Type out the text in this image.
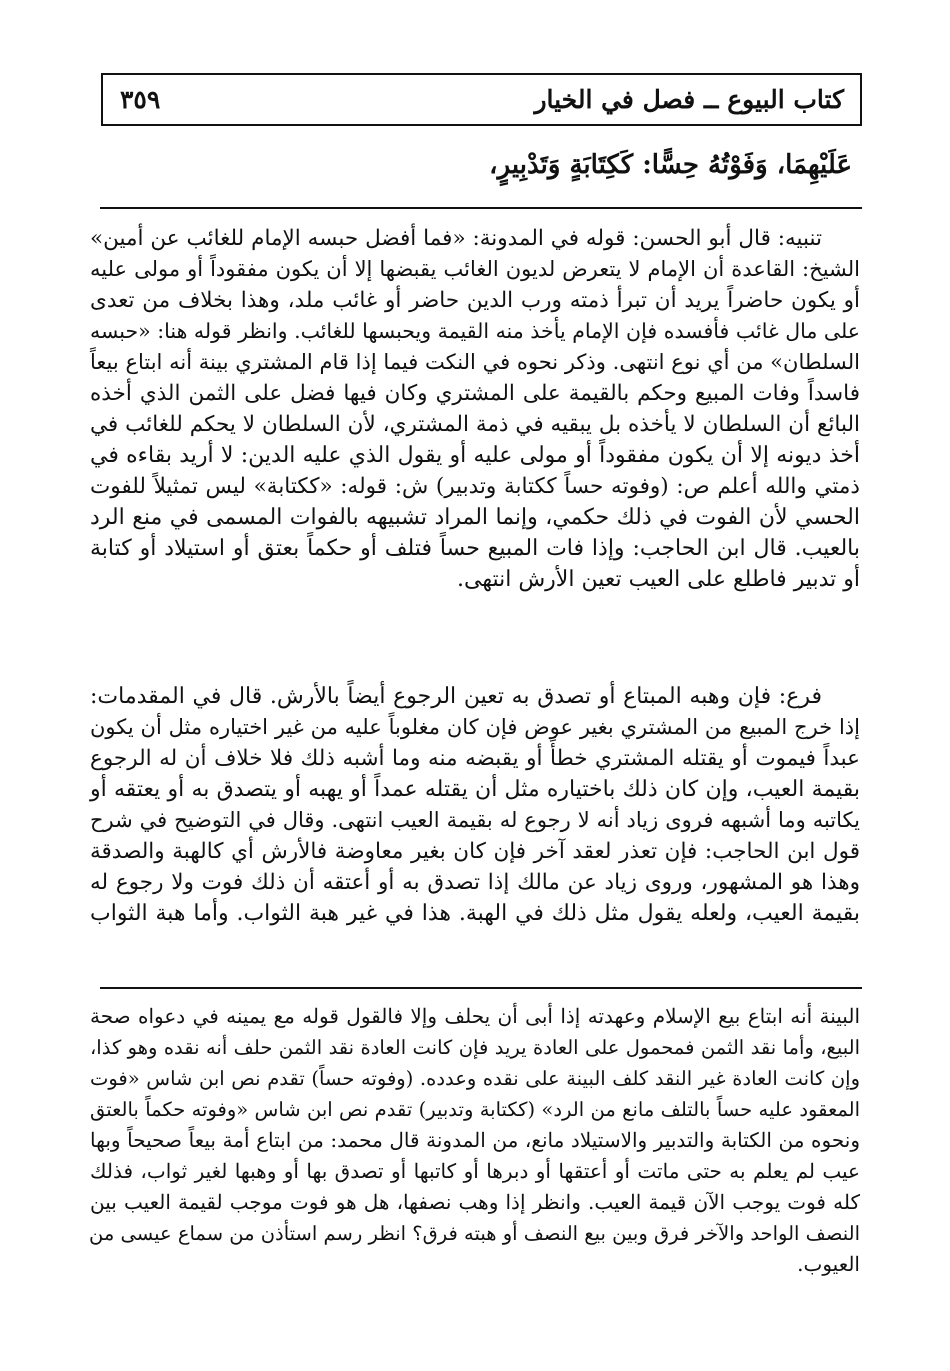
كتاب البيوع ــ فصل في الخيار
٣٥٩
عَلَيْهِمَا، وَفَوْتُهُ حِسًّا: كَكِتَابَةٍ وَتَدْبِيرٍ،
تنبيه: قال أبو الحسن: قوله في المدونة: «فما أفضل حبسه الإمام للغائب عن أمين»
الشيخ: القاعدة أن الإمام لا يتعرض لديون الغائب يقبضها إلا أن يكون مفقوداً أو مولى عليه
أو يكون حاضراً يريد أن تبرأ ذمته ورب الدين حاضر أو غائب ملد، وهذا بخلاف من تعدى
على مال غائب فأفسده فإن الإمام يأخذ منه القيمة ويحبسها للغائب. وانظر قوله هنا: «حبسه
السلطان» من أي نوع انتهى. وذكر نحوه في النكت فيما إذا قام المشتري بينة أنه ابتاع بيعاً
فاسداً وفات المبيع وحكم بالقيمة على المشتري وكان فيها فضل على الثمن الذي أخذه
البائع أن السلطان لا يأخذه بل يبقيه في ذمة المشتري، لأن السلطان لا يحكم للغائب في
أخذ ديونه إلا أن يكون مفقوداً أو مولى عليه أو يقول الذي عليه الدين: لا أريد بقاءه في
ذمتي والله أعلم ص: (وفوته حساً ككتابة وتدبير) ش: قوله: «ككتابة» ليس تمثيلاً للفوت
الحسي لأن الفوت في ذلك حكمي، وإنما المراد تشبيهه بالفوات المسمى في منع الرد
بالعيب. قال ابن الحاجب: وإذا فات المبيع حساً فتلف أو حكماً بعتق أو استيلاد أو كتابة
أو تدبير فاطلع على العيب تعين الأرش انتهى.
فرع: فإن وهبه المبتاع أو تصدق به تعين الرجوع أيضاً بالأرش. قال في المقدمات:
إذا خرج المبيع من المشتري بغير عوض فإن كان مغلوباً عليه من غير اختياره مثل أن يكون
عبداً فيموت أو يقتله المشتري خطأً أو يقبضه منه وما أشبه ذلك فلا خلاف أن له الرجوع
بقيمة العيب، وإن كان ذلك باختياره مثل أن يقتله عمداً أو يهبه أو يتصدق به أو يعتقه أو
يكاتبه وما أشبهه فروى زياد أنه لا رجوع له بقيمة العيب انتهى. وقال في التوضيح في شرح
قول ابن الحاجب: فإن تعذر لعقد آخر فإن كان بغير معاوضة فالأرش أي كالهبة والصدقة
وهذا هو المشهور، وروى زياد عن مالك إذا تصدق به أو أعتقه أن ذلك فوت ولا رجوع له
بقيمة العيب، ولعله يقول مثل ذلك في الهبة. هذا في غير هبة الثواب. وأما هبة الثواب
البينة أنه ابتاع بيع الإسلام وعهدته إذا أبى أن يحلف وإلا فالقول قوله مع يمينه في دعواه صحة
البيع، وأما نقد الثمن فمحمول على العادة يريد فإن كانت العادة نقد الثمن حلف أنه نقده وهو كذا،
وإن كانت العادة غير النقد كلف البينة على نقده وعدده. (وفوته حساً) تقدم نص ابن شاس «فوت
المعقود عليه حساً بالتلف مانع من الرد» (ككتابة وتدبير) تقدم نص ابن شاس «وفوته حكماً بالعتق
ونحوه من الكتابة والتدبير والاستيلاد مانع، من المدونة قال محمد: من ابتاع أمة بيعاً صحيحاً وبها
عيب لم يعلم به حتى ماتت أو أعتقها أو دبرها أو كاتبها أو تصدق بها أو وهبها لغير ثواب، فذلك
كله فوت يوجب الآن قيمة العيب. وانظر إذا وهب نصفها، هل هو فوت موجب لقيمة العيب بين
النصف الواحد والآخر فرق وبين بيع النصف أو هبته فرق؟ انظر رسم استأذن من سماع عيسى من
العيوب.
